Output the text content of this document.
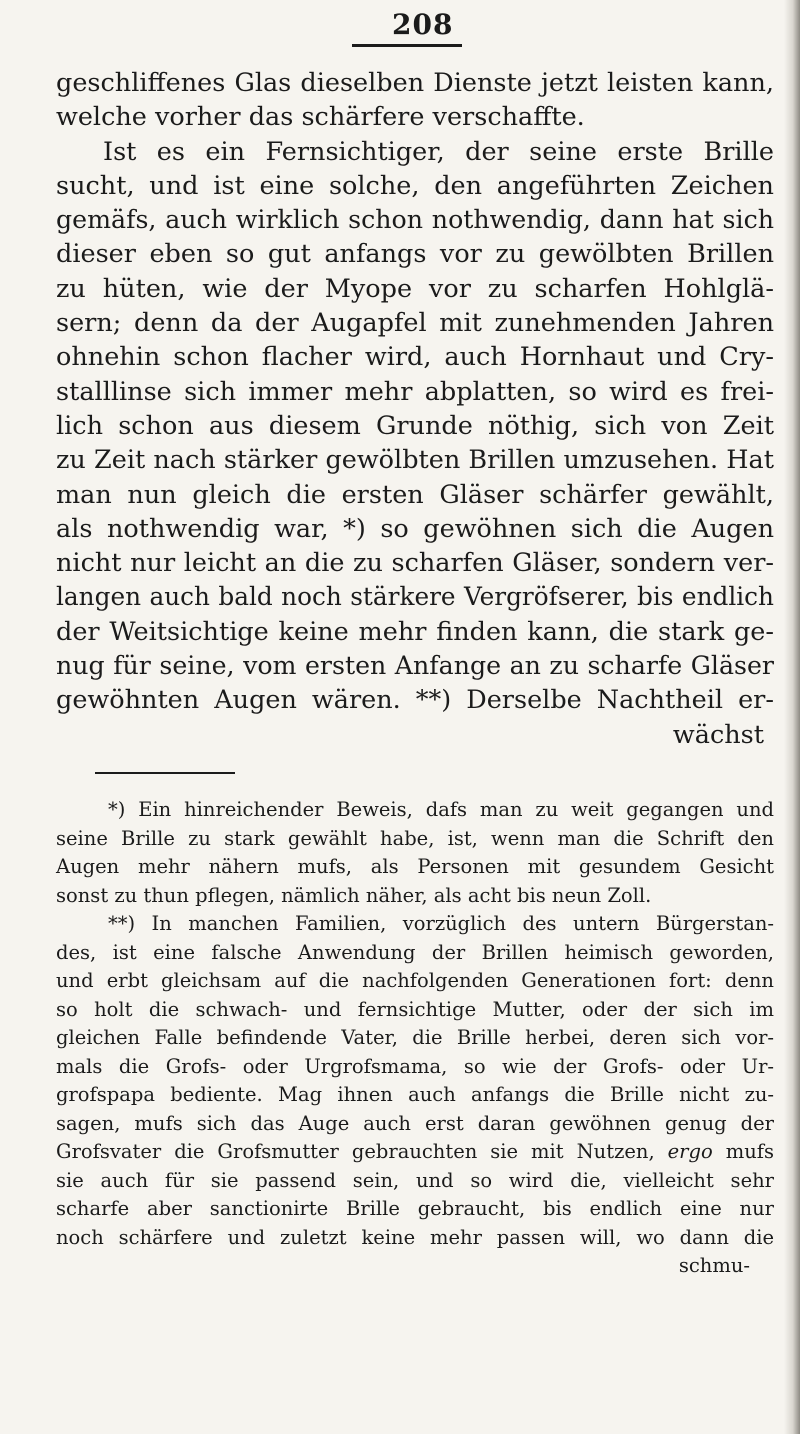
208
geschliffenes Glas dieselben Dienste jetzt leisten kann,
welche vorher das schärfere verschaffte.
Ist es ein Fernsichtiger, der seine erste Brille
sucht, und ist eine solche, den angeführten Zeichen
gemäfs, auch wirklich schon nothwendig, dann hat sich
dieser eben so gut anfangs vor zu gewölbten Brillen
zu hüten, wie der Myope vor zu scharfen Hohlglä-
sern; denn da der Augapfel mit zunehmenden Jahren
ohnehin schon flacher wird, auch Hornhaut und Cry-
stalllinse sich immer mehr abplatten, so wird es frei-
lich schon aus diesem Grunde nöthig, sich von Zeit
zu Zeit nach stärker gewölbten Brillen umzusehen. Hat
man nun gleich die ersten Gläser schärfer gewählt,
als nothwendig war, *) so gewöhnen sich die Augen
nicht nur leicht an die zu scharfen Gläser, sondern ver-
langen auch bald noch stärkere Vergröfserer, bis endlich
der Weitsichtige keine mehr finden kann, die stark ge-
nug für seine, vom ersten Anfange an zu scharfe Gläser
gewöhnten Augen wären. **) Derselbe Nachtheil er-
wächst
*) Ein hinreichender Beweis, dafs man zu weit gegangen und
seine Brille zu stark gewählt habe, ist, wenn man die Schrift den
Augen mehr nähern mufs, als Personen mit gesundem Gesicht
sonst zu thun pflegen, nämlich näher, als acht bis neun Zoll.
**) In manchen Familien, vorzüglich des untern Bürgerstan-
des, ist eine falsche Anwendung der Brillen heimisch geworden,
und erbt gleichsam auf die nachfolgenden Generationen fort: denn
so holt die schwach- und fernsichtige Mutter, oder der sich im
gleichen Falle befindende Vater, die Brille herbei, deren sich vor-
mals die Grofs- oder Urgrofsmama, so wie der Grofs- oder Ur-
grofspapa bediente. Mag ihnen auch anfangs die Brille nicht zu-
sagen, mufs sich das Auge auch erst daran gewöhnen genug der
Grofsvater die Grofsmutter gebrauchten sie mit Nutzen, ergo mufs
sie auch für sie passend sein, und so wird die, vielleicht sehr
scharfe aber sanctionirte Brille gebraucht, bis endlich eine nur
noch schärfere und zuletzt keine mehr passen will, wo dann die
schmu-
